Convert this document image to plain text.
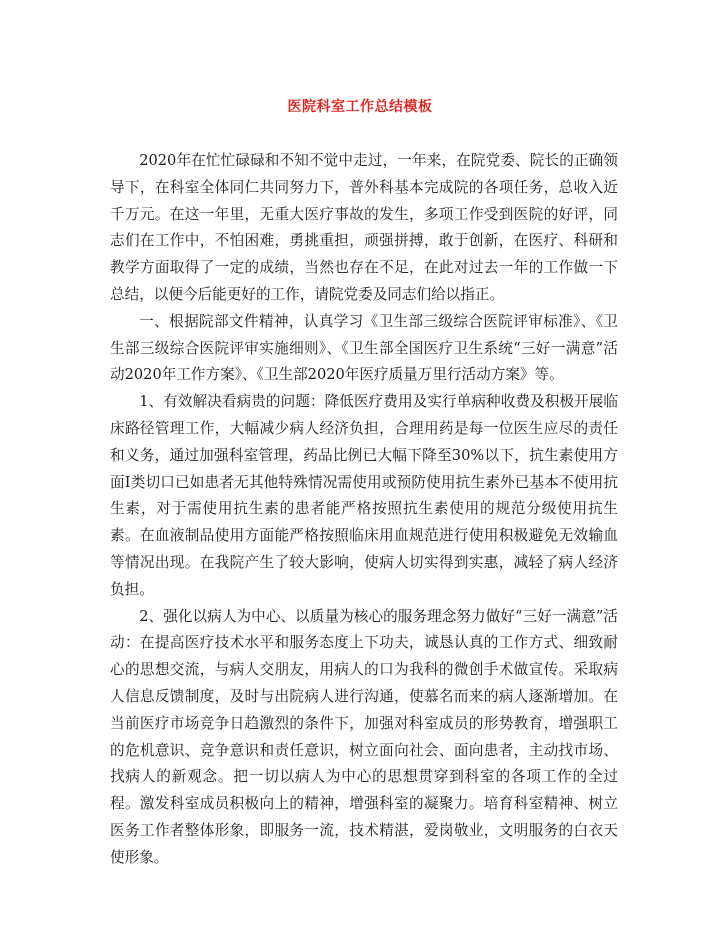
医院科室工作总结模板

2020年在忙忙碌碌和不知不觉中走过，一年来，在院党委、院长的正确领导下，在科室全体同仁共同努力下，普外科基本完成院的各项任务，总收入近千万元。在这一年里，无重大医疗事故的发生，多项工作受到医院的好评，同志们在工作中，不怕困难，勇挑重担，顽强拼搏，敢于创新，在医疗、科研和教学方面取得了一定的成绩，当然也存在不足，在此对过去一年的工作做一下总结，以便今后能更好的工作，请院党委及同志们给以指正。

一、根据院部文件精神，认真学习《卫生部三级综合医院评审标准》、《卫生部三级综合医院评审实施细则》、《卫生部全国医疗卫生系统“三好一满意”活动2020年工作方案》、《卫生部2020年医疗质量万里行活动方案》等。

1、有效解决看病贵的问题：降低医疗费用及实行单病种收费及积极开展临床路径管理工作，大幅减少病人经济负担，合理用药是每一位医生应尽的责任和义务，通过加强科室管理，药品比例已大幅下降至30%以下，抗生素使用方面Ⅰ类切口已如患者无其他特殊情况需使用或预防使用抗生素外已基本不使用抗生素，对于需使用抗生素的患者能严格按照抗生素使用的规范分级使用抗生素。在血液制品使用方面能严格按照临床用血规范进行使用积极避免无效输血等情况出现。在我院产生了较大影响，使病人切实得到实惠，减轻了病人经济负担。

2、强化以病人为中心、以质量为核心的服务理念努力做好“三好一满意”活动：在提高医疗技术水平和服务态度上下功夫，诚恳认真的工作方式、细致耐心的思想交流，与病人交朋友，用病人的口为我科的微创手术做宣传。采取病人信息反馈制度，及时与出院病人进行沟通，使慕名而来的病人逐渐增加。在当前医疗市场竞争日趋激烈的条件下，加强对科室成员的形势教育，增强职工的危机意识、竞争意识和责任意识，树立面向社会、面向患者，主动找市场、找病人的新观念。把一切以病人为中心的思想贯穿到科室的各项工作的全过程。激发科室成员积极向上的精神，增强科室的凝聚力。培育科室精神、树立医务工作者整体形象，即服务一流，技术精湛，爱岗敬业，文明服务的白衣天使形象。
